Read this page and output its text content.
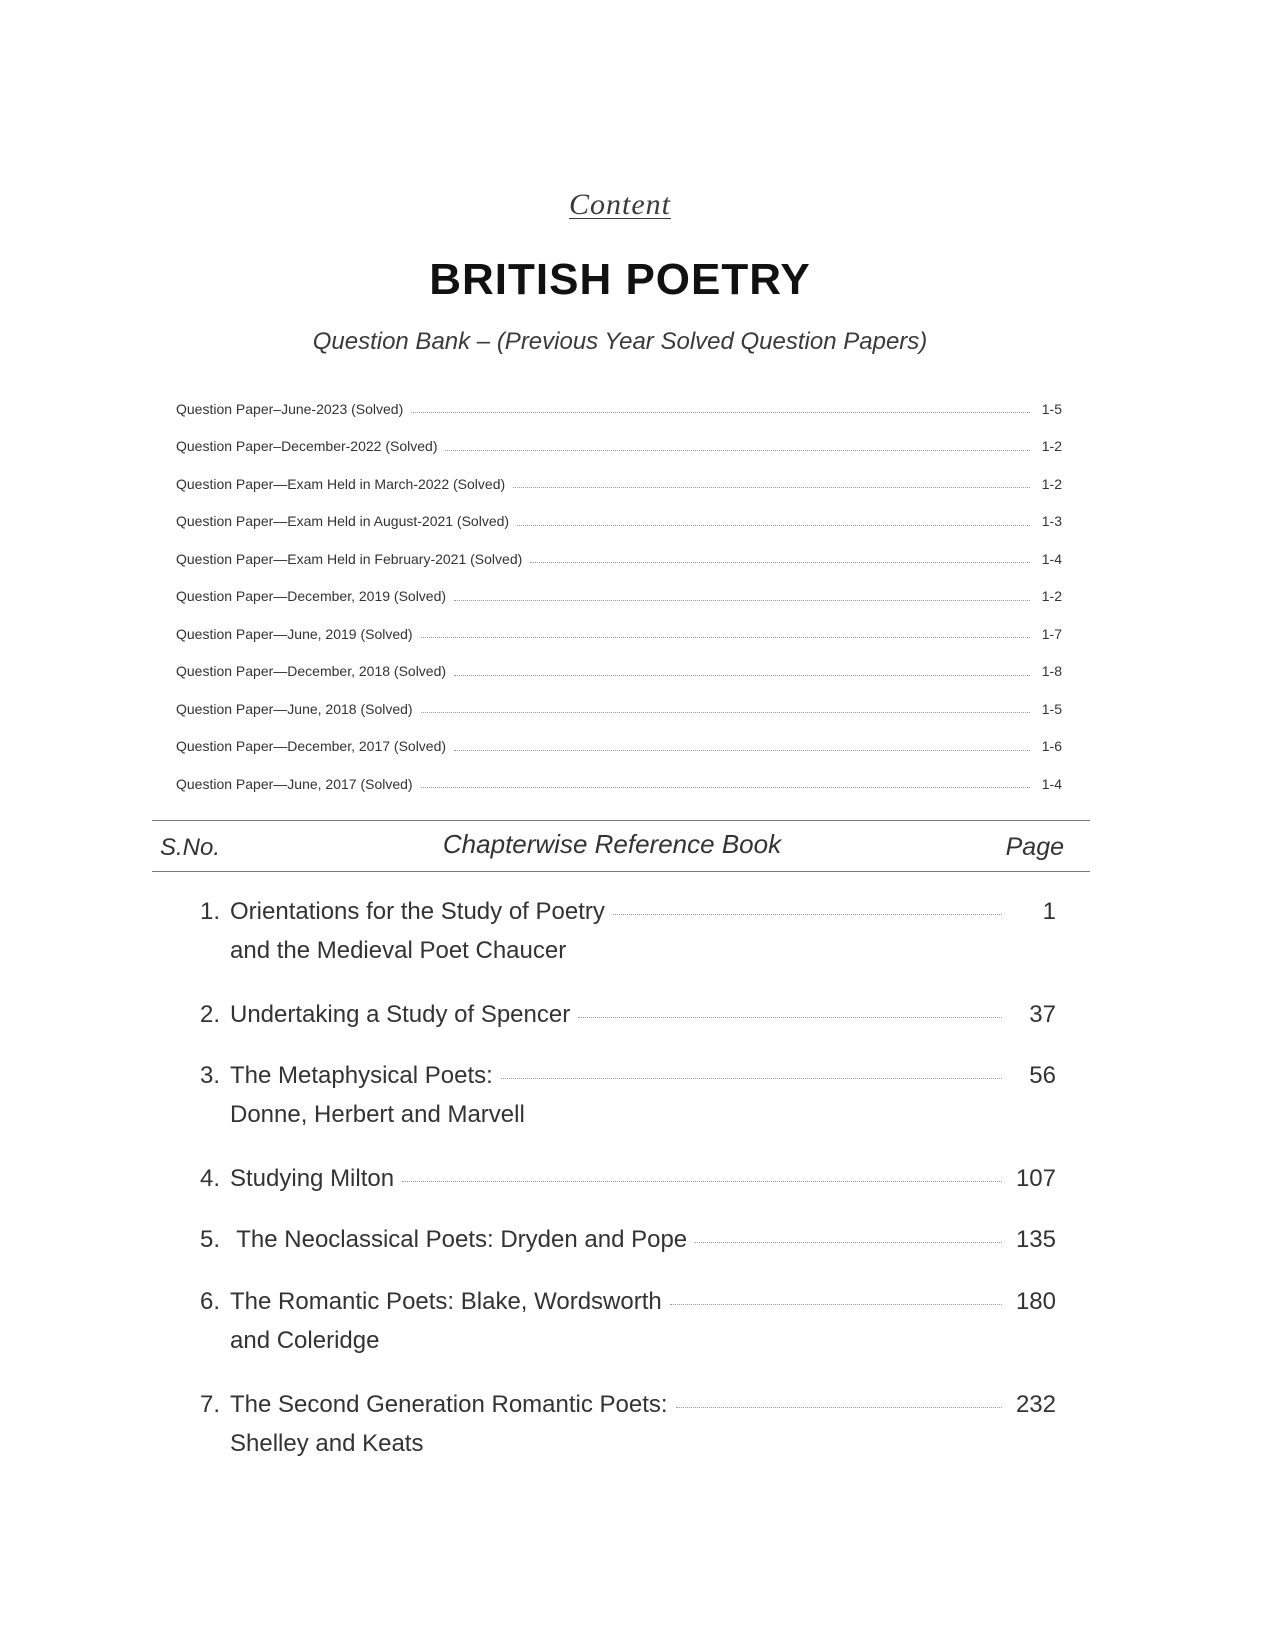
Content
BRITISH POETRY
Question Bank – (Previous Year Solved Question Papers)
Question Paper–June-2023 (Solved)	1-5
Question Paper–December-2022 (Solved)	1-2
Question Paper—Exam Held in March-2022 (Solved)	1-2
Question Paper—Exam Held in August-2021 (Solved)	1-3
Question Paper—Exam Held in February-2021 (Solved)	1-4
Question Paper—December, 2019 (Solved)	1-2
Question Paper—June, 2019 (Solved)	1-7
Question Paper—December, 2018 (Solved)	1-8
Question Paper—June, 2018 (Solved)	1-5
Question Paper—December, 2017 (Solved)	1-6
Question Paper—June, 2017 (Solved)	1-4
S.No.	Chapterwise Reference Book	Page
1. Orientations for the Study of Poetry	1
and the Medieval Poet Chaucer
2. Undertaking a Study of Spencer	37
3. The Metaphysical Poets:	56
Donne, Herbert and Marvell
4. Studying Milton	107
5. The Neoclassical Poets: Dryden and Pope	135
6. The Romantic Poets: Blake, Wordsworth	180
and Coleridge
7. The Second Generation Romantic Poets:	232
Shelley and Keats
